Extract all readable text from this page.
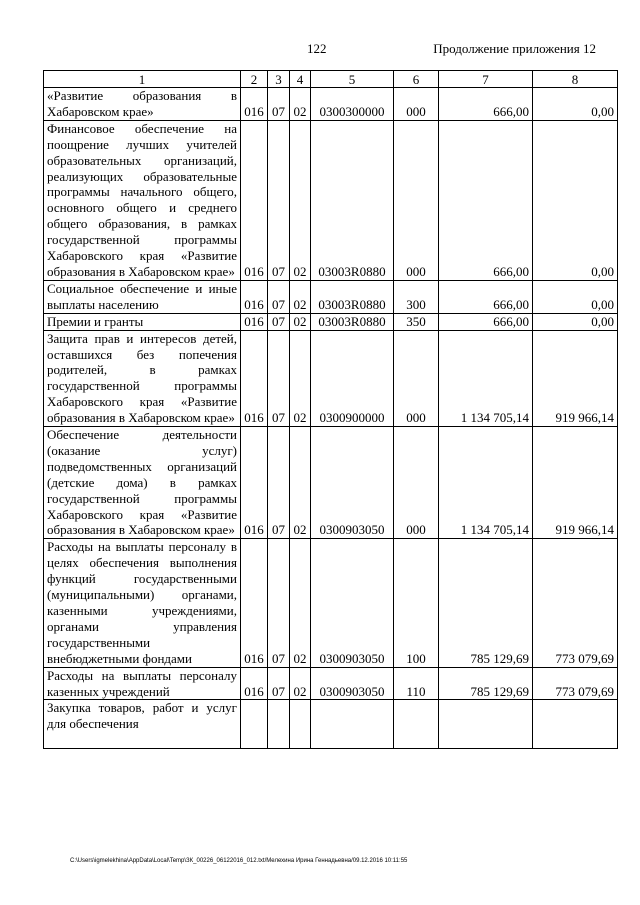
122	Продолжение приложения 12
1	2	3	4	5	6	7	8
«Развитие образования в Хабаровском крае»	016	07	02	0300300000	000	666,00	0,00
Финансовое обеспечение на поощрение лучших учителей образовательных организаций, реализующих образовательные программы начального общего, основного общего и среднего общего образования, в рамках государственной программы Хабаровского края «Развитие образования в Хабаровском крае»	016	07	02	03003R0880	000	666,00	0,00
Социальное обеспечение и иные выплаты населению	016	07	02	03003R0880	300	666,00	0,00
Премии и гранты	016	07	02	03003R0880	350	666,00	0,00
Защита прав и интересов детей, оставшихся без попечения родителей, в рамках государственной программы Хабаровского края «Развитие образования в Хабаровском крае»	016	07	02	0300900000	000	1 134 705,14	919 966,14
Обеспечение деятельности (оказание услуг) подведомственных организаций (детские дома) в рамках государственной программы Хабаровского края «Развитие образования в Хабаровском крае»	016	07	02	0300903050	000	1 134 705,14	919 966,14
Расходы на выплаты персоналу в целях обеспечения выполнения функций государственными (муниципальными) органами, казенными учреждениями, органами управления государственными внебюджетными фондами	016	07	02	0300903050	100	785 129,69	773 079,69
Расходы на выплаты персоналу казенных учреждений	016	07	02	0300903050	110	785 129,69	773 079,69
Закупка товаров, работ и услуг для обеспечения							
C:\Users\igmelekhina\AppData\Local\Temp\ЗК_00226_06122016_012.txt/Мелехина Ирина Геннадьевна/09.12.2016 10:11:55
